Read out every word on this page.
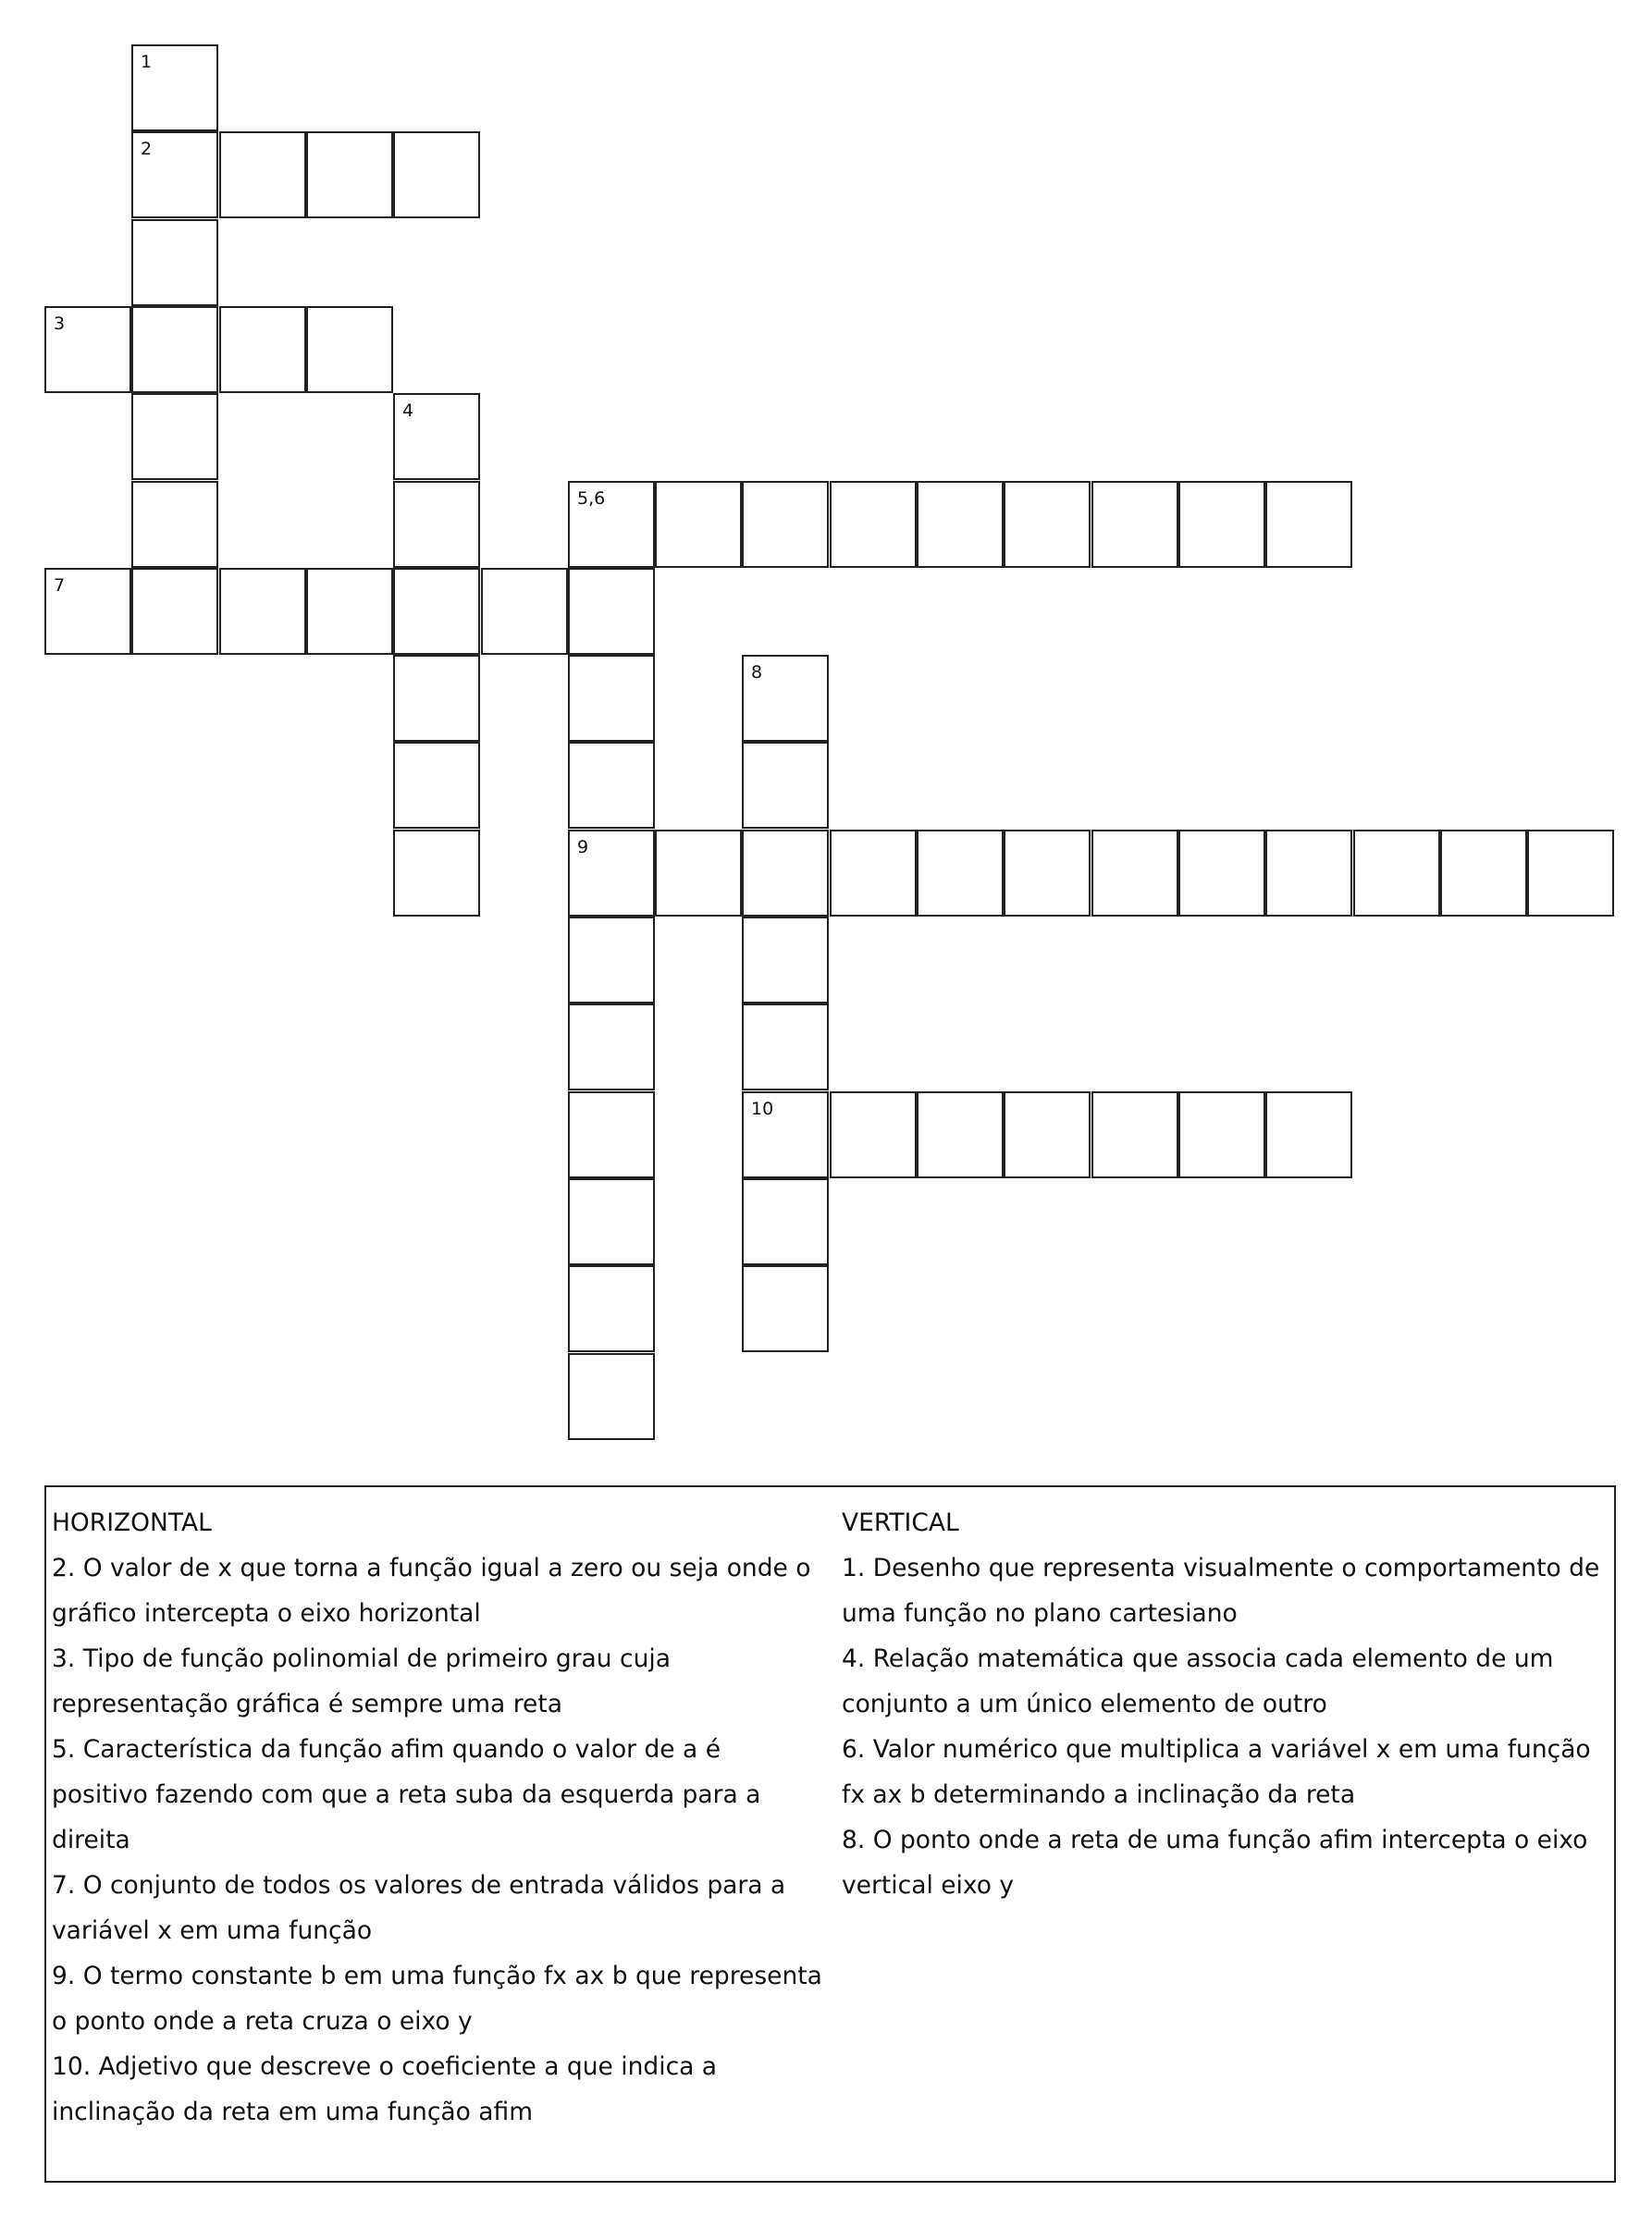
1
2
3
4
5,6
7
8
9
10
HORIZONTAL
2. O valor de x que torna a função igual a zero ou seja onde o
gráfico intercepta o eixo horizontal
3. Tipo de função polinomial de primeiro grau cuja
representação gráfica é sempre uma reta
5. Característica da função afim quando o valor de a é
positivo fazendo com que a reta suba da esquerda para a
direita
7. O conjunto de todos os valores de entrada válidos para a
variável x em uma função
9. O termo constante b em uma função fx ax b que representa
o ponto onde a reta cruza o eixo y
10. Adjetivo que descreve o coeficiente a que indica a
inclinação da reta em uma função afim
VERTICAL
1. Desenho que representa visualmente o comportamento de
uma função no plano cartesiano
4. Relação matemática que associa cada elemento de um
conjunto a um único elemento de outro
6. Valor numérico que multiplica a variável x em uma função
fx ax b determinando a inclinação da reta
8. O ponto onde a reta de uma função afim intercepta o eixo
vertical eixo y
